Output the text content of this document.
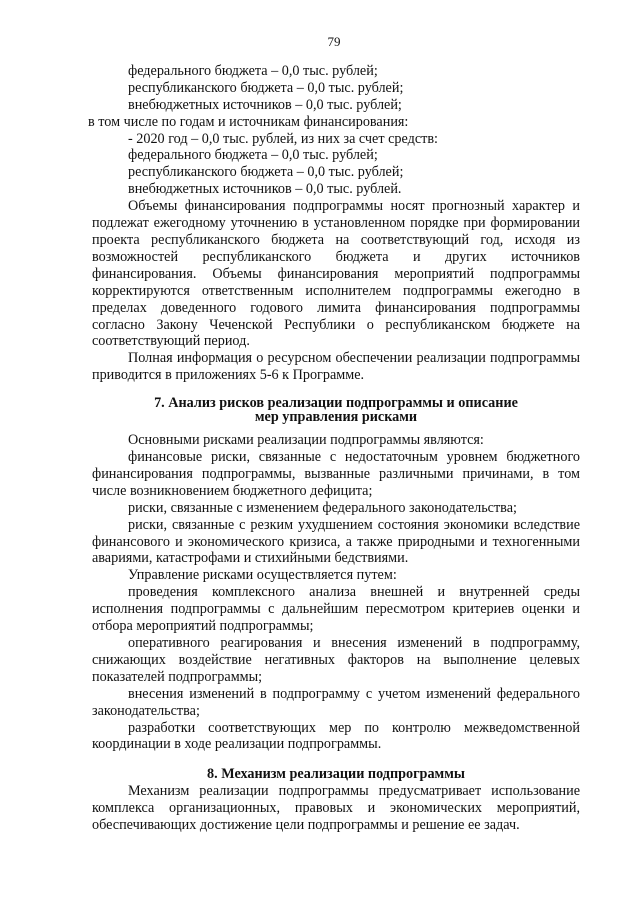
79

федерального бюджета – 0,0 тыс. рублей;

республиканского бюджета – 0,0 тыс. рублей;

внебюджетных источников – 0,0 тыс. рублей;

в том числе по годам и источникам финансирования:

- 2020 год – 0,0 тыс. рублей, из них за счет средств:

федерального бюджета – 0,0 тыс. рублей;

республиканского бюджета – 0,0 тыс. рублей;

внебюджетных источников – 0,0 тыс. рублей.

Объемы финансирования подпрограммы носят прогнозный характер и подлежат ежегодному уточнению в установленном порядке при формировании проекта республиканского бюджета на соответствующий год, исходя из возможностей республиканского бюджета и других источников финансирования. Объемы финансирования мероприятий подпрограммы корректируются ответственным исполнителем подпрограммы ежегодно в пределах доведенного годового лимита финансирования подпрограммы согласно Закону Чеченской Республики о республиканском бюджете на соответствующий период.

Полная информация о ресурсном обеспечении реализации подпрограммы приводится в приложениях 5-6 к Программе.

7. Анализ рисков реализации подпрограммы и описание
мер управления рисками

Основными рисками реализации подпрограммы являются:

финансовые риски, связанные с недостаточным уровнем бюджетного финансирования подпрограммы, вызванные различными причинами, в том числе возникновением бюджетного дефицита;

риски, связанные с изменением федерального законодательства;

риски, связанные с резким ухудшением состояния экономики вследствие финансового и экономического кризиса, а также природными и техногенными авариями, катастрофами и стихийными бедствиями.

Управление рисками осуществляется путем:

проведения комплексного анализа внешней и внутренней среды исполнения подпрограммы с дальнейшим пересмотром критериев оценки и отбора мероприятий подпрограммы;

оперативного реагирования и внесения изменений в подпрограмму, снижающих воздействие негативных факторов на выполнение целевых показателей подпрограммы;

внесения изменений в подпрограмму с учетом изменений федерального законодательства;

разработки соответствующих мер по контролю межведомственной координации в ходе реализации подпрограммы.

8. Механизм реализации подпрограммы

Механизм реализации подпрограммы предусматривает использование комплекса организационных, правовых и экономических мероприятий, обеспечивающих достижение цели подпрограммы и решение ее задач.
